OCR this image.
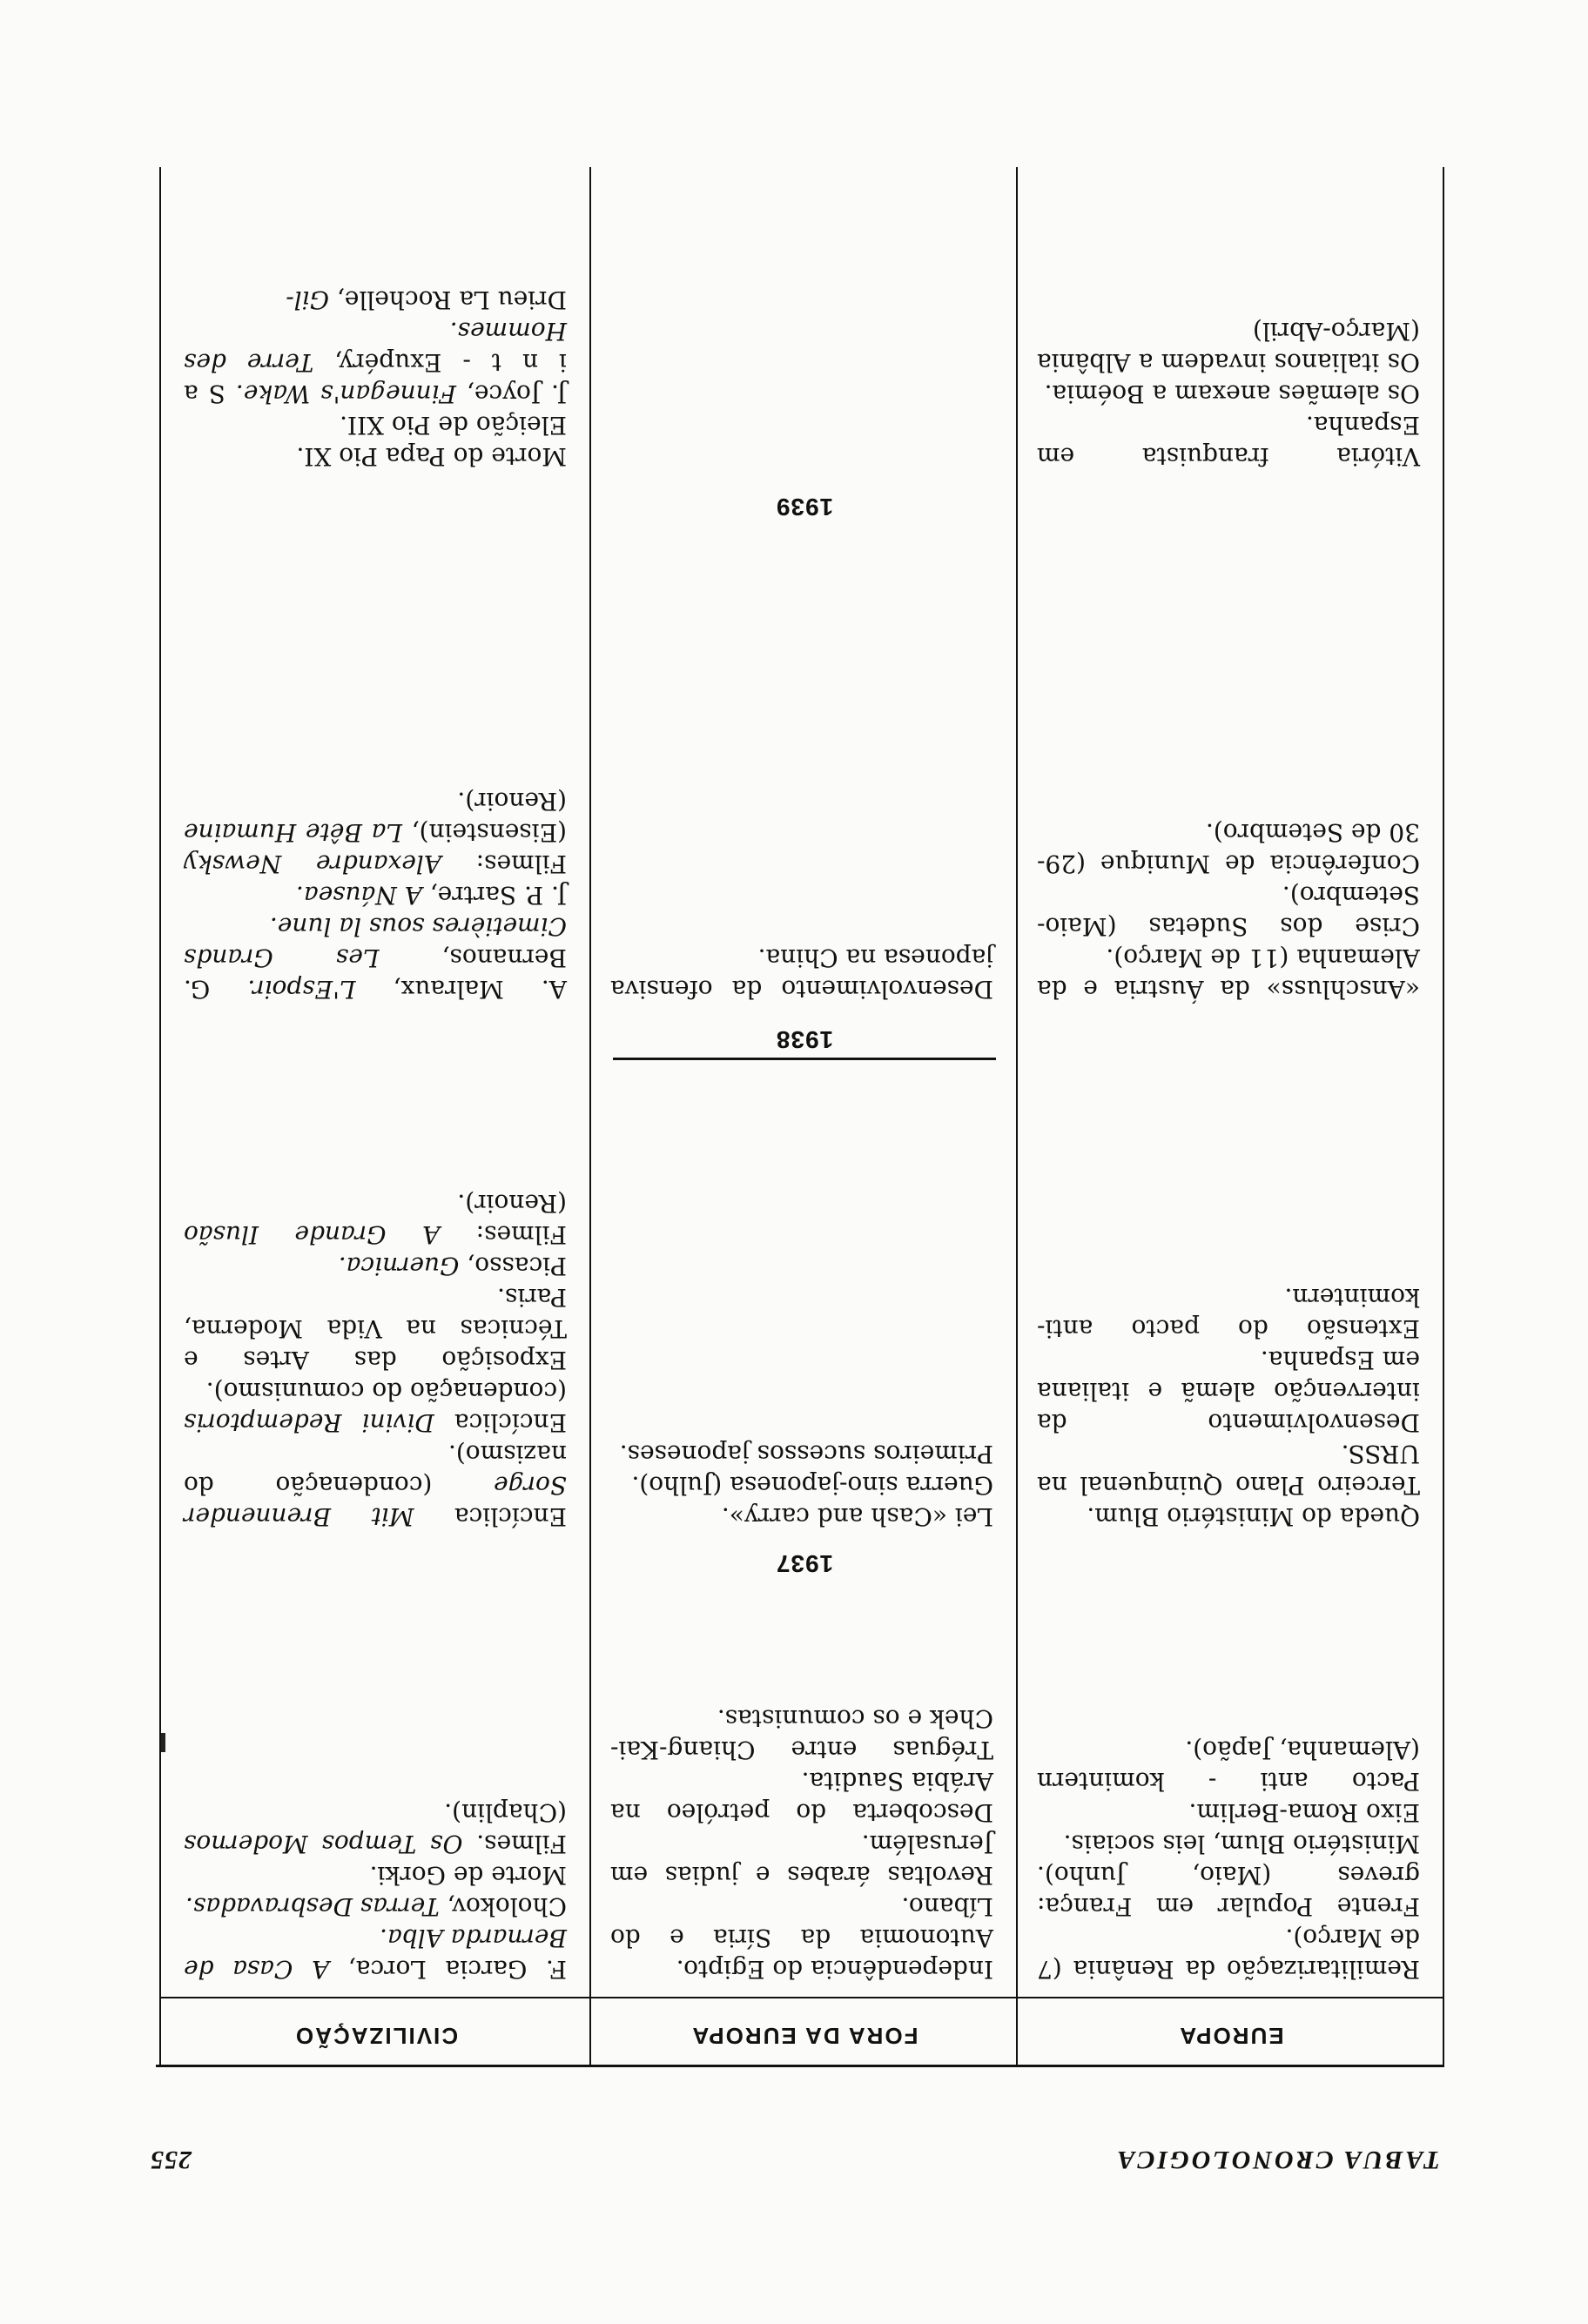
TABUA CRONOLOGICA
255
EUROPA
FORA DA EUROPA
CIVILIZAÇÃO

Remilitarização da Renânia (7 de Março).

Frente Popular em França: greves (Maio, Junho). Ministério Blum, leis sociais.

Eixo Roma-Berlim.

Pacto anti - komintern (Alemanha, Japão).

Independência do Egipto.

Autonomia da Síria e do Líbano.

Revoltas árabes e judias em Jerusalém.

Descoberta do petróleo na Arábia Saudita.

Tréguas entre Chiang-Kai-Chek e os comunistas.

F. Garcia Lorca, A Casa de Bernarda Alba.

Cholokov, Terras Desbravadas.

Morte de Gorki.

Filmes. Os Tempos Modernos (Chaplin).

1937

Queda do Ministério Blum.

Terceiro Plano Quinquenal na URSS.

Desenvolvimento da intervenção alemã e italiana em Espanha.

Extensão do pacto anti-komintern.

Lei «Cash and carry».

Guerra sino-japonesa (Julho).

Primeiros sucessos japoneses.

Encíclica Mit Brennender Sorge (condenação do nazismo).

Encíclica Divini Redemptoris (condenação do comunismo).

Exposição das Artes e Técnicas na Vida Moderna, Paris.

Picasso, Guernica.

Filmes: A Grande Ilusão (Renoir).

1938

«Anschluss» da Áustria e da Alemanha (11 de Março).

Crise dos Sudetas (Maio-Setembro).

Conferência de Munique (29-30 de Setembro).

Desenvolvimento da ofensiva japonesa na China.

A. Malraux, L'Espoir. G. Bernanos, Les Grands Cimetières sous la lune.

J. P. Sartre, A Náusea.

Filmes: Alexandre Newsky (Eisenstein), La Bête Humaine (Renoir).

1939

Vitória franquista em Espanha.

Os alemães anexam a Boémia.

Os italianos invadem a Albânia (Março-Abril)

Morte do Papa Pio XI.

Eleição de Pio XII.

J. Joyce, Finnegan's Wake. S a i n t - Exupéry, Terre des Hommes.

Drieu La Rochelle, Gil-
